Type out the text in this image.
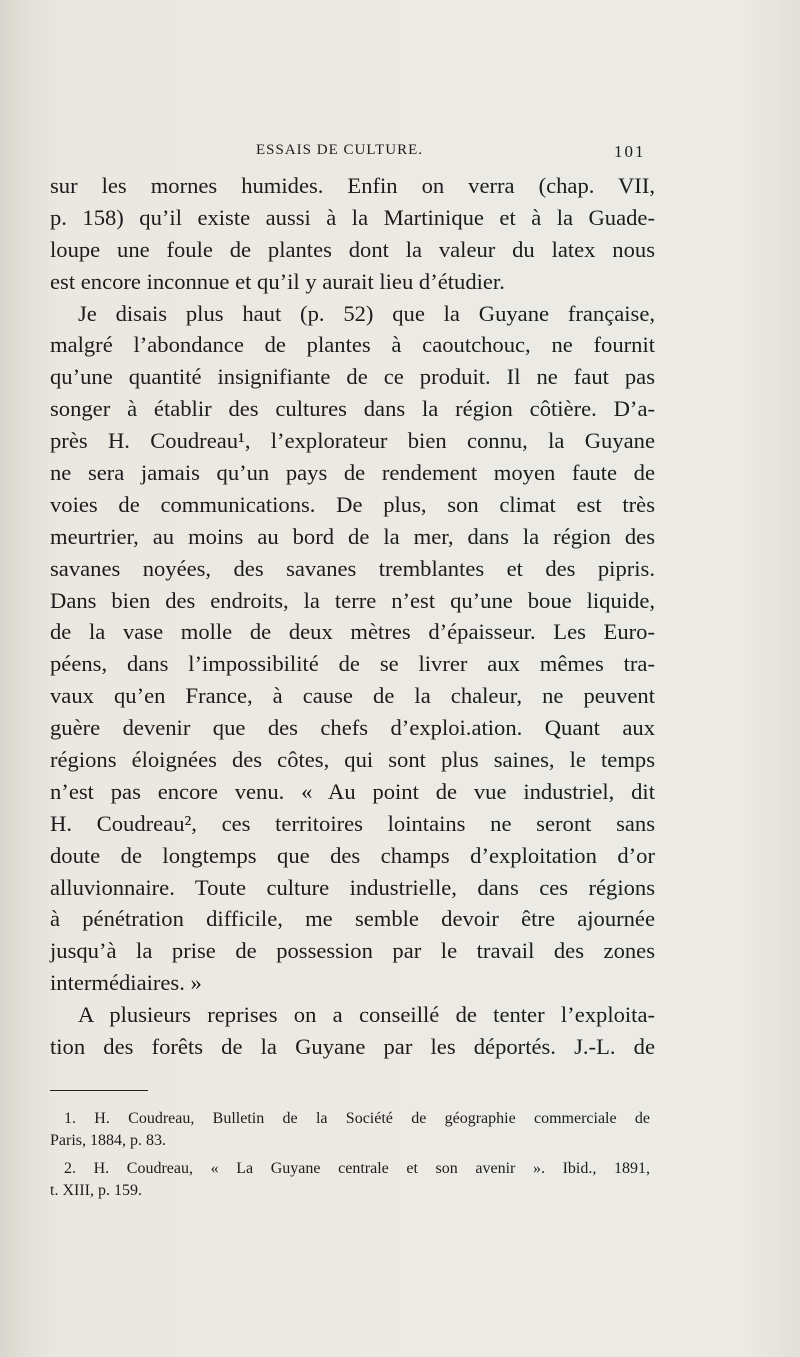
ESSAIS DE CULTURE.	101
sur les mornes humides. Enfin on verra (chap. VII,
p. 158) qu’il existe aussi à la Martinique et à la Guade-
loupe une foule de plantes dont la valeur du latex nous
est encore inconnue et qu’il y aurait lieu d’étudier.
Je disais plus haut (p. 52) que la Guyane française,
malgré l’abondance de plantes à caoutchouc, ne fournit
qu’une quantité insignifiante de ce produit. Il ne faut pas
songer à établir des cultures dans la région côtière. D’a-
près H. Coudreau¹, l’explorateur bien connu, la Guyane
ne sera jamais qu’un pays de rendement moyen faute de
voies de communications. De plus, son climat est très
meurtrier, au moins au bord de la mer, dans la région des
savanes noyées, des savanes tremblantes et des pipris.
Dans bien des endroits, la terre n’est qu’une boue liquide,
de la vase molle de deux mètres d’épaisseur. Les Euro-
péens, dans l’impossibilité de se livrer aux mêmes tra-
vaux qu’en France, à cause de la chaleur, ne peuvent
guère devenir que des chefs d’exploi.ation. Quant aux
régions éloignées des côtes, qui sont plus saines, le temps
n’est pas encore venu. « Au point de vue industriel, dit
H. Coudreau², ces territoires lointains ne seront sans
doute de longtemps que des champs d’exploitation d’or
alluvionnaire. Toute culture industrielle, dans ces régions
à pénétration difficile, me semble devoir être ajournée
jusqu’à la prise de possession par le travail des zones
intermédiaires. »
A plusieurs reprises on a conseillé de tenter l’exploita-
tion des forêts de la Guyane par les déportés. J.-L. de
1. H. Coudreau, Bulletin de la Société de géographie commerciale de
Paris, 1884, p. 83.
2. H. Coudreau, « La Guyane centrale et son avenir ». Ibid., 1891,
t. XIII, p. 159.
